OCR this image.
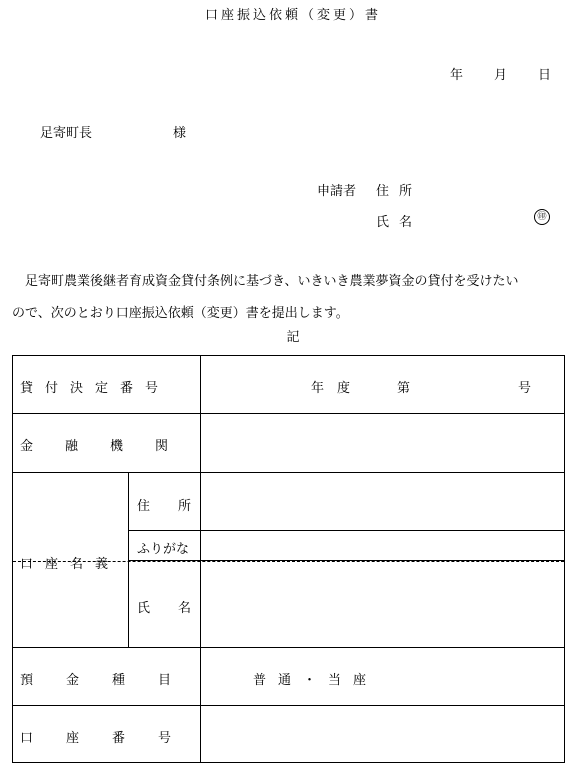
口座振込依頼（変更）書
年 月 日
足寄町長	様
申請者 住所
氏名	㊞
足寄町農業後継者育成資金貸付条例に基づき、いきいき農業夢資金の貸付を受けたい
ので、次のとおり口座振込依頼（変更）書を提出します。
記
貸付決定番号	年度	第	号
金融機関
口座名義
住所
ふりがな
氏名
預金種目	普通・当座
口座番号
